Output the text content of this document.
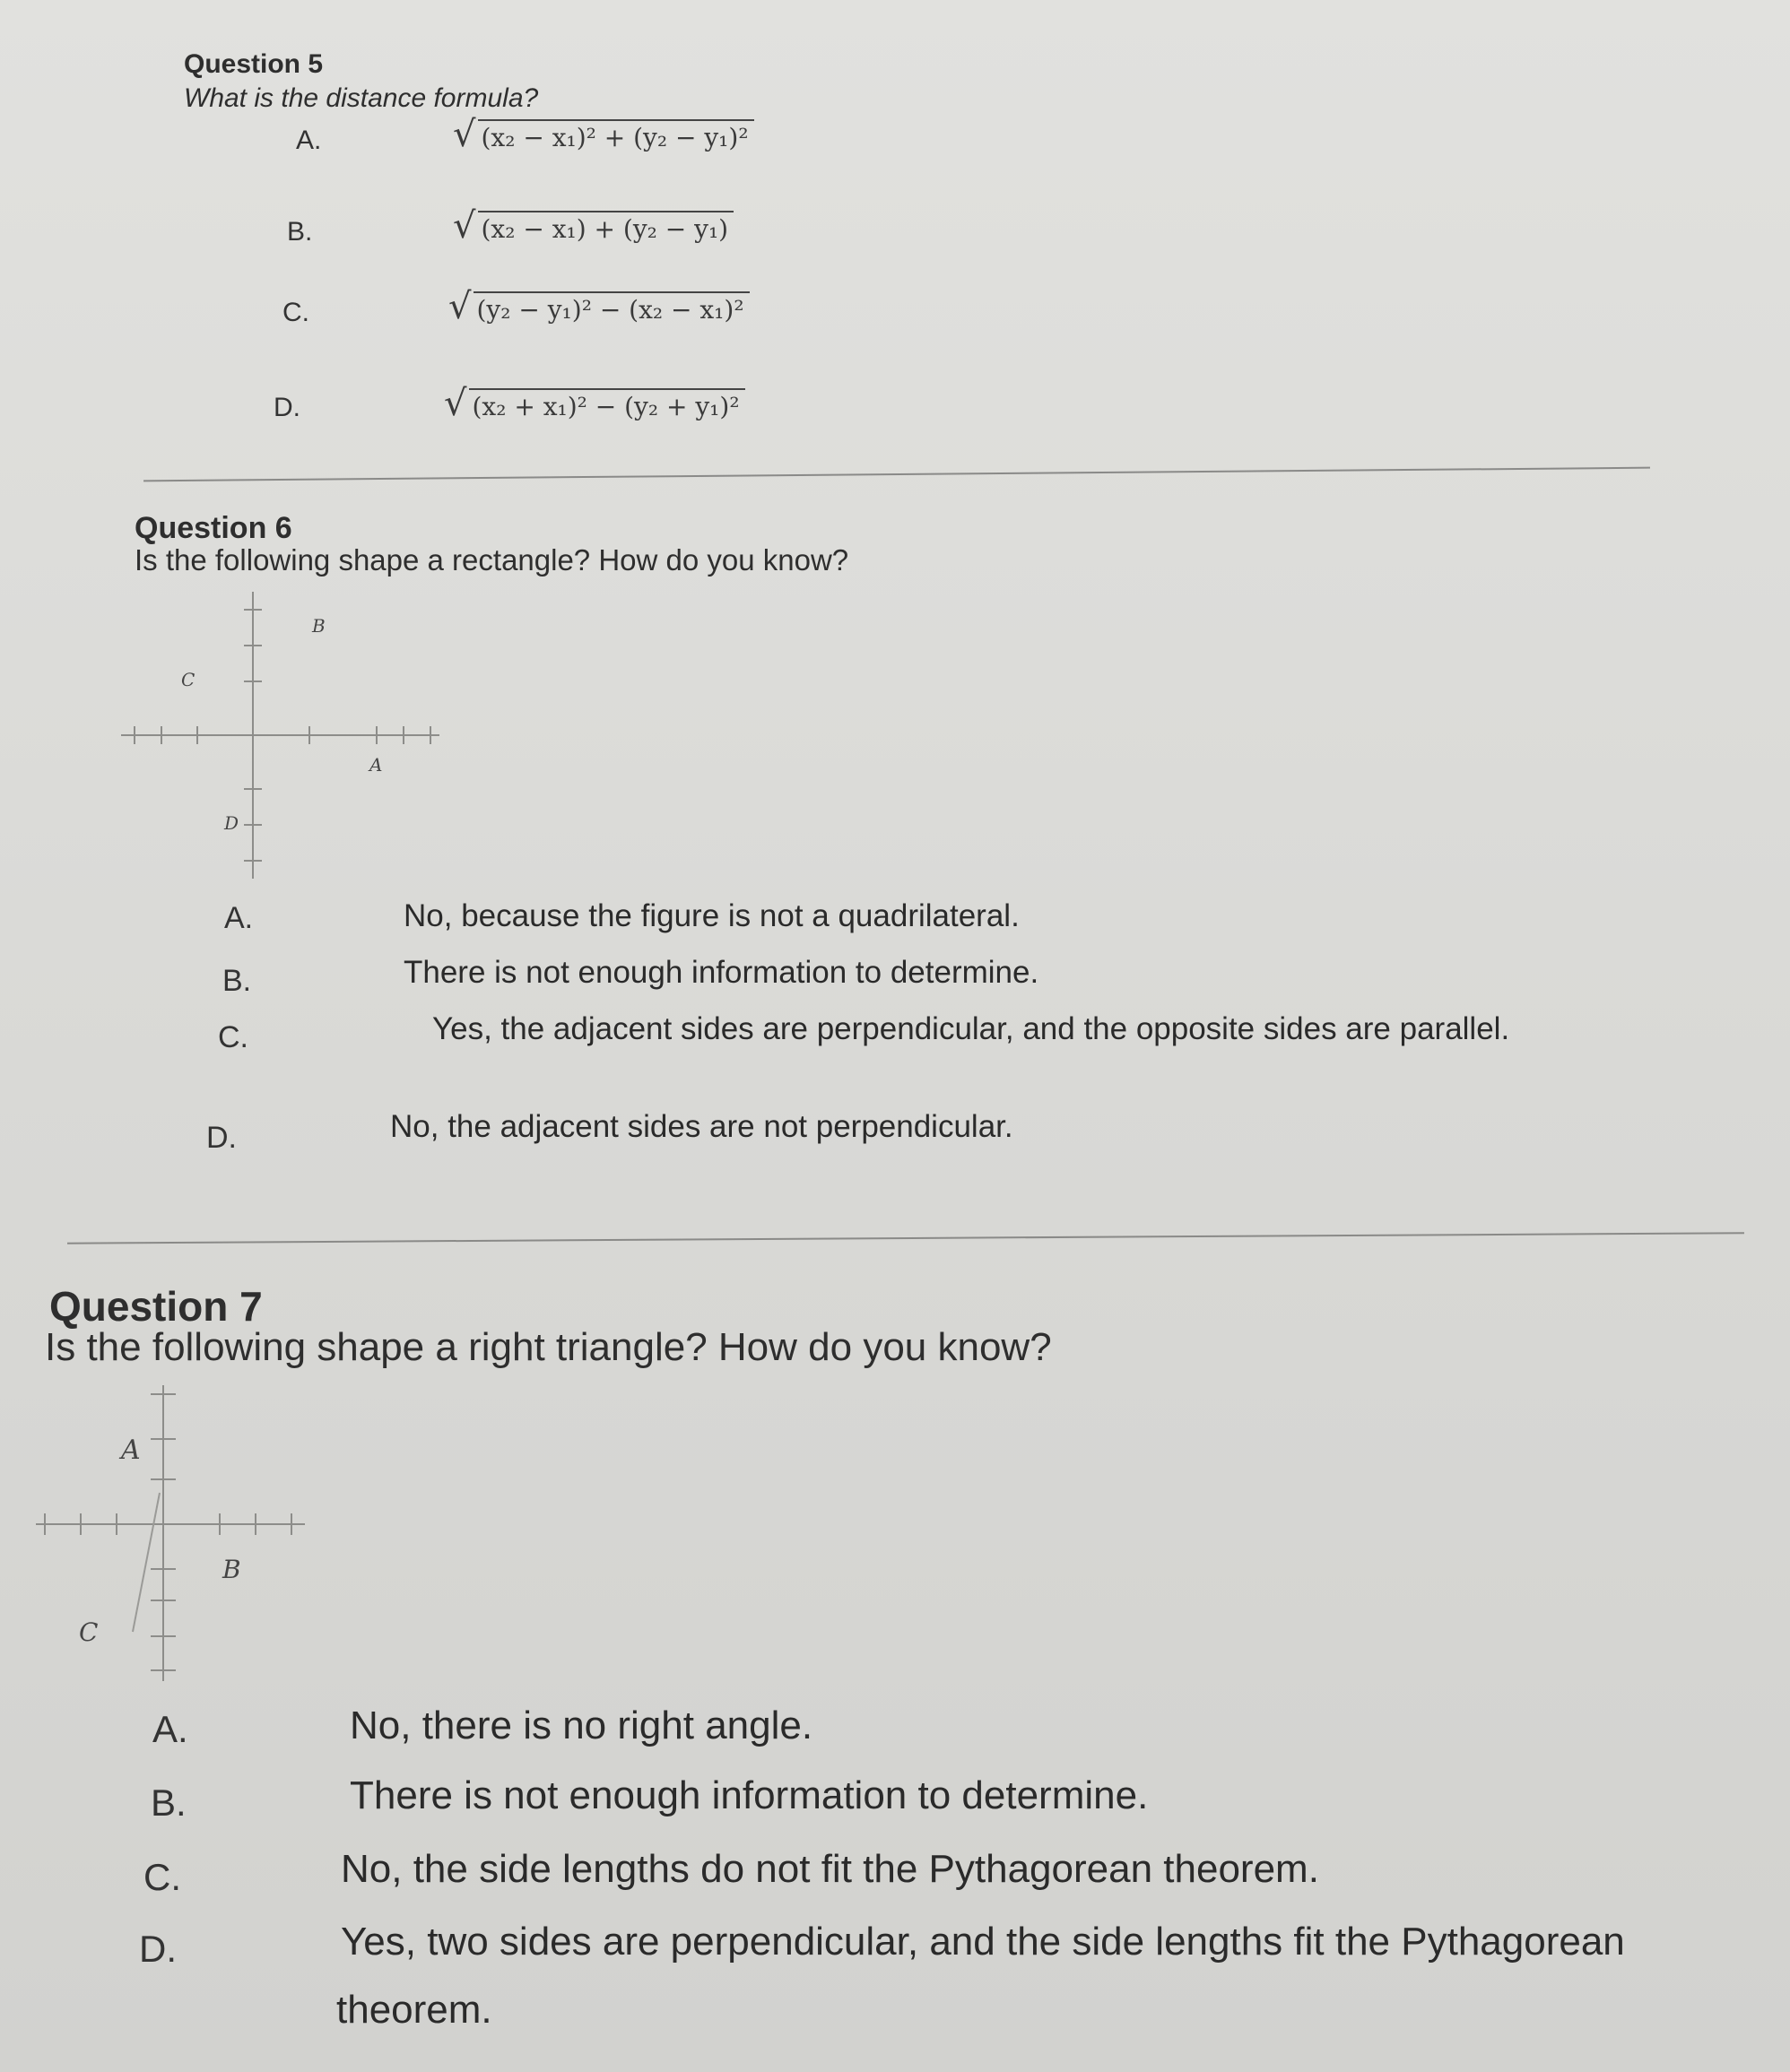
Question 5
What is the distance formula?
A.	√ (x₂ − x₁)² + (y₂ − y₁)²
B.	√ (x₂ − x₁) + (y₂ − y₁)
C.	√ (y₂ − y₁)² − (x₂ − x₁)²
D.	√ (x₂ + x₁)² − (y₂ + y₁)²
Question 6
Is the following shape a rectangle? How do you know?
B
C
A
D
A.	No, because the figure is not a quadrilateral.
B.	There is not enough information to determine.
C.	Yes, the adjacent sides are perpendicular, and the opposite sides are parallel.
D.	No, the adjacent sides are not perpendicular.
Question 7
Is the following shape a right triangle? How do you know?
A
B
C
A.	No, there is no right angle.
B.	There is not enough information to determine.
C.	No, the side lengths do not fit the Pythagorean theorem.
D.	Yes, two sides are perpendicular, and the side lengths fit the Pythagorean theorem.
